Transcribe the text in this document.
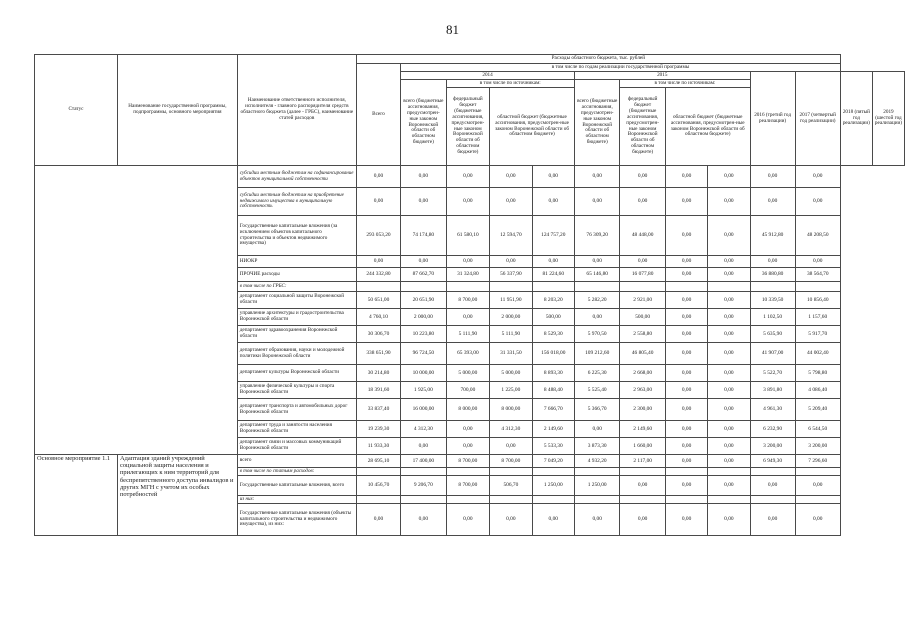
81
Статус	Наименование государственной программы, подпрограммы, основного мероприятия	Наименование ответственного исполнителя, исполнителя - главного распорядителя средств областного бюджета (далее - ГРБС), наименование статей расходов	Расходы областного бюджета, тыс. рублей												
			Всего	в том числе по годам реализации государственной программы											
				2014				2015				2016 (третий год реализации)	2017 (четвертый год реализации)	2018 (пятый год реализации)	2019 (шестой год реализации)
				всего (бюджетные ассигнования, предусмотрен-ные законом Воронежской области об областном бюджете)	в том числе по источникам:			всего (бюджетные ассигнования, предусмотрен-ные законом Воронежской области об областном бюджете)	в том числе по источникам:						
					федеральный бюджет (бюджетные ассигнования, предусмотрен-ные законом Воронежской области об областном бюджете)	областной бюджет (бюджетные ассигнования, предусмотрен-ные законом Воронежской области об областном бюджете)			федеральный бюджет (бюджетные ассигнования, предусмотрен-ные законом Воронежской области об областном бюджете)	областной бюджет (бюджетные ассигнования, предусмотрен-ные законом Воронежской области об областном бюджете)					
		субсидии местным бюджетам на софинансирование объектов муниципальной собственности	0,00	0,00	0,00	0,00	0,00	0,00	0,00	0,00	0,00	0,00	0,00		
		субсидии местным бюджетам на приобретение недвижимого имущества в муниципальную собственность	0,00	0,00	0,00	0,00	0,00	0,00	0,00	0,00	0,00	0,00	0,00		
		Государственные капитальные вложения (за исключением объектов капитального строительства и объектов недвижимого имущества)	293 053,20	74 174,80	61 580,10	12 594,70	124 757,20	76 309,20	48 448,00	0,00	0,00	45 912,80	48 208,50		
		НИОКР	0,00	0,00	0,00	0,00	0,00	0,00	0,00	0,00	0,00	0,00	0,00		
		ПРОЧИЕ расходы	244 332,80	87 662,70	31 324,80	56 337,90	81 224,60	65 146,80	16 077,80	0,00	0,00	36 880,80	38 564,70		
		в том числе по ГРБС:													
		департамент социальной защиты Воронежской области	50 651,00	20 651,90	8 700,00	11 951,90	8 203,20	5 282,20	2 921,00	0,00	0,00	10 339,50	10 856,40		
		управление архитектуры и градостроительства Воронежской области	4 760,10	2 000,00	0,00	2 000,00	500,00	0,00	500,00	0,00	0,00	1 102,50	1 157,60		
		департамент здравоохранения Воронежской области	30 306,70	10 223,80	5 111,90	5 111,90	8 529,30	5 970,50	2 558,80	0,00	0,00	5 635,90	5 917,70		
		департамент образования, науки и молодежной политики Воронежской области	338 651,90	96 724,50	65 393,00	31 331,50	156 018,00	109 212,60	46 805,40	0,00	0,00	41 907,00	44 002,40		
		департамент культуры Воронежской области	30 214,80	10 000,00	5 000,00	5 000,00	8 893,30	6 225,30	2 668,00	0,00	0,00	5 522,70	5 798,80		
		управление физической культуры и спорта Воронежской области	18 391,60	1 925,00	700,00	1 225,00	8 488,40	5 525,40	2 963,00	0,00	0,00	3 891,80	4 086,40		
		департамент транспорта и автомобильных дорог Воронежской области	33 837,40	16 000,00	8 000,00	8 000,00	7 666,70	5 366,70	2 300,00	0,00	0,00	4 961,30	5 209,40		
		департамент труда и занятости населения Воронежской области	19 239,30	4 312,30	0,00	4 312,30	2 149,60	0,00	2 149,60	0,00	0,00	6 232,90	6 544,50		
		департамент связи и массовых коммуникаций Воронежской области	11 933,30	0,00	0,00	0,00	5 533,30	3 873,30	1 660,00	0,00	0,00	3 200,00	3 200,00		
Основное мероприятие 1.1	Адаптация зданий учреждений социальной защиты населения и прилегающих к ним территорий для беспрепятственного доступа инвалидов и других МГН с учетом их особых потребностей	всего	28 695,10	17 400,00	8 700,00	8 700,00	7 049,20	4 932,20	2 117,00	0,00	0,00	6 949,30	7 296,60		
		в том числе по статьям расходов:													
		Государственные капитальные вложения, всего	10 456,70	9 206,70	8 700,00	506,70	1 250,00	1 250,00	0,00	0,00	0,00	0,00	0,00		
		из них:													
		Государственные капитальные вложения (объекты капитального строительства и недвижимого имущества), из них:	0,00	0,00	0,00	0,00	0,00	0,00	0,00	0,00	0,00	0,00	0,00		
